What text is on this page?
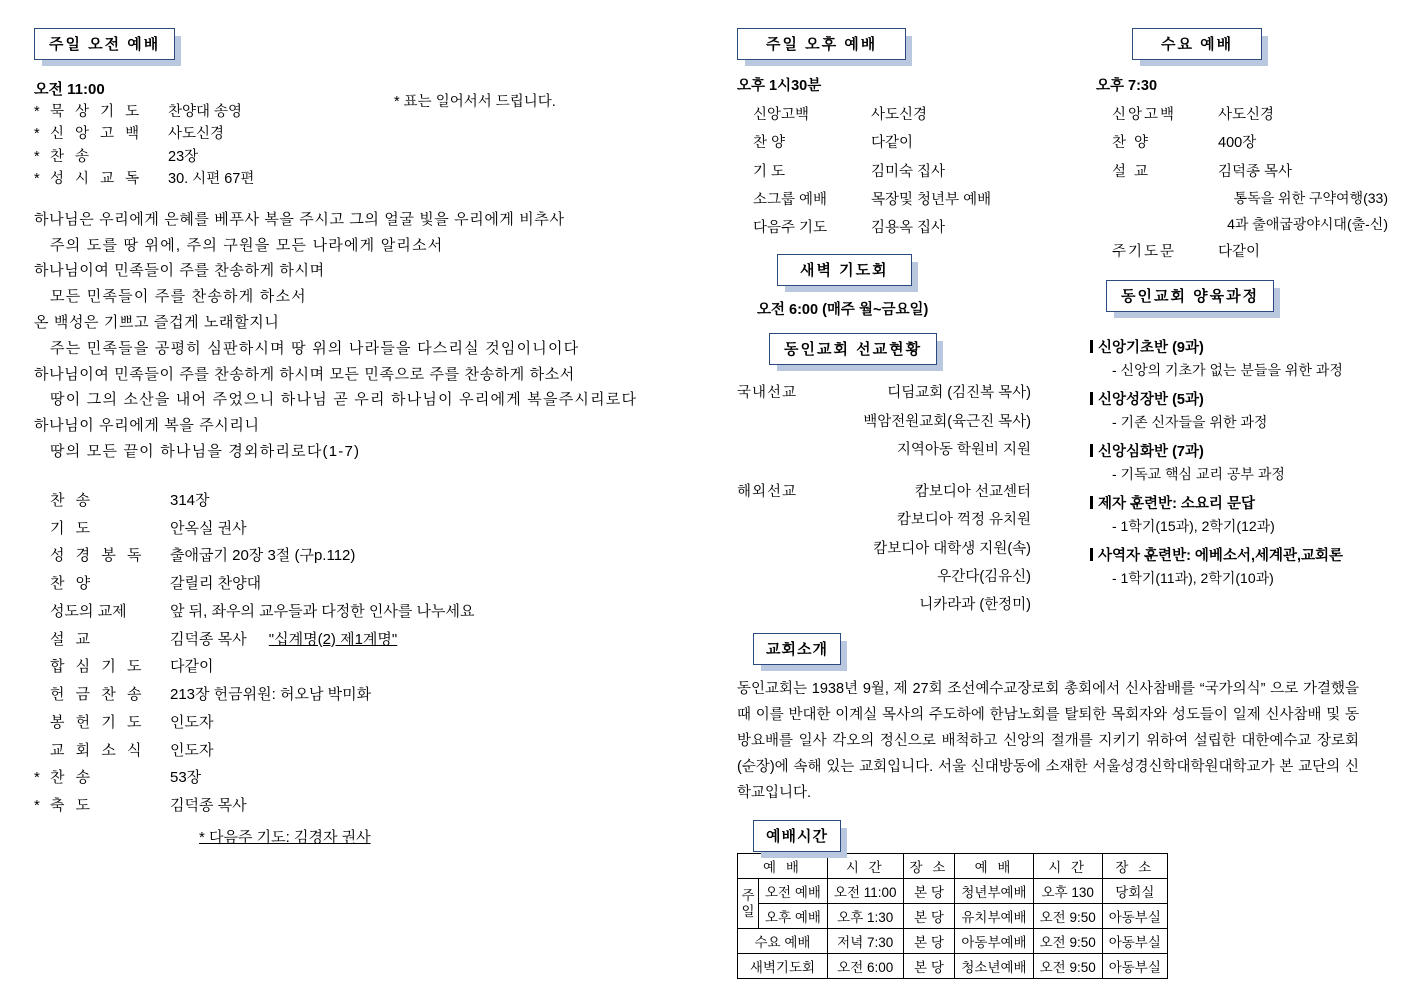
주일 오전 예배
오전 11:00
* 묵 상 기 도	찬양대 송영
* 신 앙 고 백	사도신경
* 찬 송	23장
* 성 시 교 독	30. 시편 67편
* 표는 일어서서 드립니다.
하나님은 우리에게 은혜를 베푸사 복을 주시고 그의 얼굴 빛을 우리에게 비추사
주의 도를 땅 위에, 주의 구원을 모든 나라에게 알리소서
하나님이여 민족들이 주를 찬송하게 하시며
모든 민족들이 주를 찬송하게 하소서
온 백성은 기쁘고 즐겁게 노래할지니
주는 민족들을 공평히 심판하시며 땅 위의 나라들을 다스리실 것임이니이다
하나님이여 민족들이 주를 찬송하게 하시며 모든 민족으로 주를 찬송하게 하소서
땅이 그의 소산을 내어 주었으니 하나님 곧 우리 하나님이 우리에게 복을주시리로다
하나님이 우리에게 복을 주시리니
땅의 모든 끝이 하나님을 경외하리로다(1-7)
찬 송	314장
기 도	안옥실 권사
성 경 봉 독	출애굽기 20장 3절 (구p.112)
찬 양	갈릴리 찬양대
성도의 교제	앞 뒤, 좌우의 교우들과 다정한 인사를 나누세요
설 교	김덕종 목사 "십계명(2) 제1계명"
합 심 기 도	다같이
헌 금 찬 송	213장 헌금위원: 허오남 박미화
봉 헌 기 도	인도자
교 회 소 식	인도자
* 찬 송	53장
* 축 도	김덕종 목사
* 다음주 기도: 김경자 권사
주일 오후 예배
오후 1시30분
신앙고백	사도신경
찬 양	다같이
기 도	김미숙 집사
소그룹 예배	목장및 청년부 예배
다음주 기도	김용옥 집사
새벽 기도회
오전 6:00 (매주 월~금요일)
동인교회 선교현황
국내선교	디딤교회 (김진복 목사)
백암전원교회(육근진 목사)
지역아동 학원비 지원
해외선교	캄보디아 선교센터
캄보디아 꺽정 유치원
캄보디아 대학생 지원(속)
우간다(김유신)
니카라과 (한정미)
교회소개
동인교회는 1938년 9월, 제 27회 조선예수교장로회 총회에서 신사참배를 “국가의식” 으로 가결했을 때 이를 반대한 이계실 목사의 주도하에 한남노회를 탈퇴한 목회자와 성도들이 일제 신사참배 및 동방요배를 일사 각오의 정신으로 배척하고 신앙의 절개를 지키기 위하여 설립한 대한예수교 장로회(순장)에 속해 있는 교회입니다. 서울 신대방동에 소재한 서울성경신학대학원대학교가 본 교단의 신학교입니다.
예배시간
예 배		시 간	장 소	예 배	시 간	장 소

주
일	오전 예배	오전 11:00	본 당	청년부예배	오후 130	당회실
	오후 예배	오후 1:30	본 당	유치부예배	오전 9:50	아동부실
수요 예배		저녁 7:30	본 당	아동부예배	오전 9:50	아동부실
새벽기도회		오전 6:00	본 당	청소년예배	오전 9:50	아동부실
수요 예배
오후 7:30
신앙고백	사도신경
찬 양	400장
설 교	김덕종 목사
통독을 위한 구약여행(33)
4과 출애굽광야시대(출-신)
주기도문	다같이
동인교회 양육과정
신앙기초반 (9과)
- 신앙의 기초가 없는 분들을 위한 과정
신앙성장반 (5과)
- 기존 신자들을 위한 과정
신앙심화반 (7과)
- 기독교 핵심 교리 공부 과정
제자 훈련반: 소요리 문답
- 1학기(15과), 2학기(12과)
사역자 훈련반: 에베소서,세계관,교회론
- 1학기(11과), 2학기(10과)
